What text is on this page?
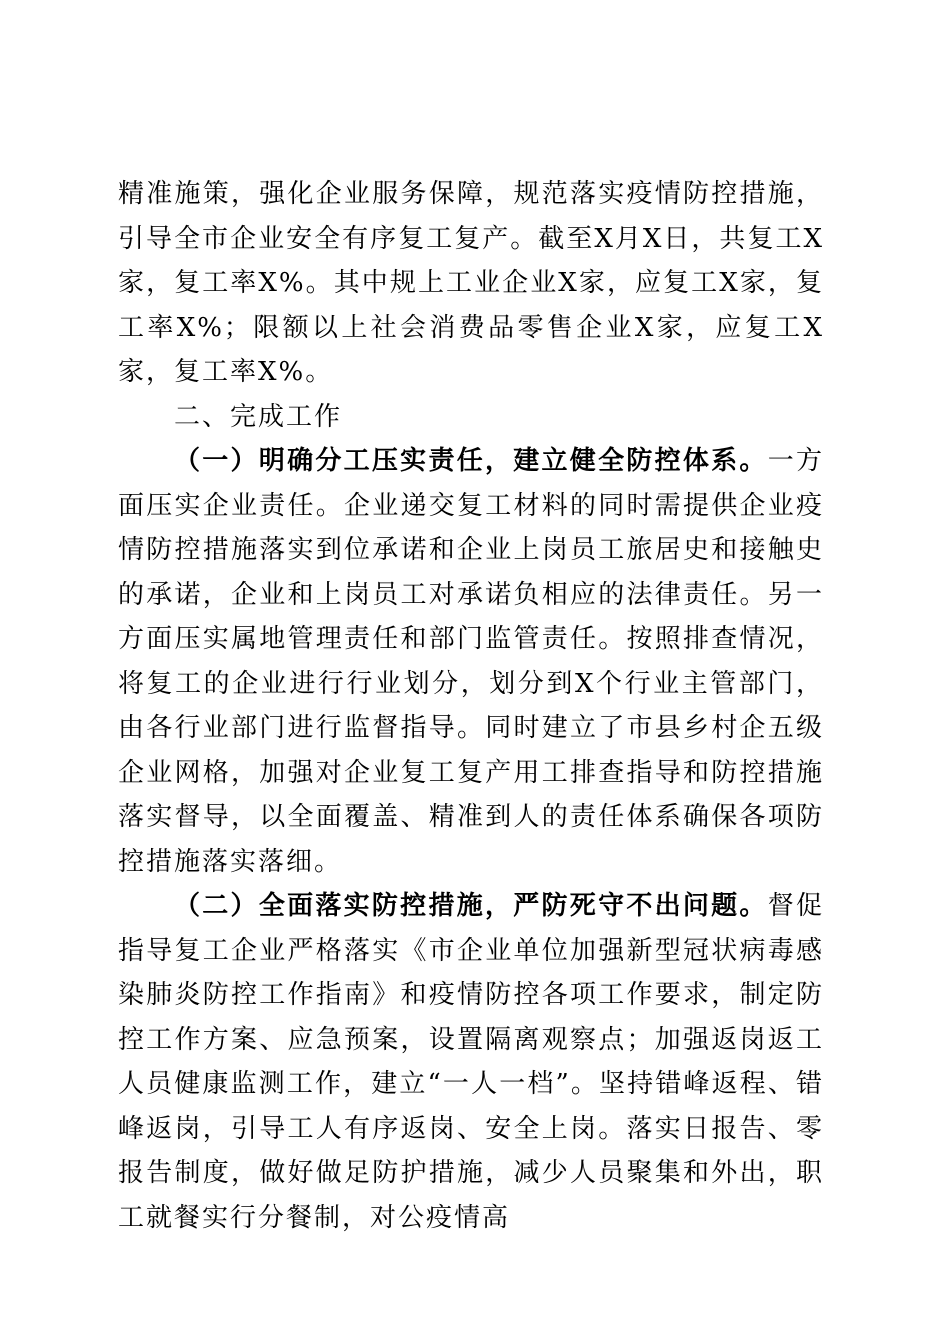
精准施策，强化企业服务保障，规范落实疫情防控措施，引导全市企业安全有序复工复产。截至X月X日，共复工X家，复工率X%。其中规上工业企业X家，应复工X家，复工率X%；限额以上社会消费品零售企业X家，应复工X家，复工率X%。

二、完成工作

（一）明确分工压实责任，建立健全防控体系。一方面压实企业责任。企业递交复工材料的同时需提供企业疫情防控措施落实到位承诺和企业上岗员工旅居史和接触史的承诺，企业和上岗员工对承诺负相应的法律责任。另一方面压实属地管理责任和部门监管责任。按照排查情况，将复工的企业进行行业划分，划分到X个行业主管部门，由各行业部门进行监督指导。同时建立了市县乡村企五级企业网格，加强对企业复工复产用工排查指导和防控措施落实督导，以全面覆盖、精准到人的责任体系确保各项防控措施落实落细。

（二）全面落实防控措施，严防死守不出问题。督促指导复工企业严格落实《市企业单位加强新型冠状病毒感染肺炎防控工作指南》和疫情防控各项工作要求，制定防控工作方案、应急预案，设置隔离观察点；加强返岗返工人员健康监测工作，建立“一人一档”。坚持错峰返程、错峰返岗，引导工人有序返岗、安全上岗。落实日报告、零报告制度，做好做足防护措施，减少人员聚集和外出，职工就餐实行分餐制，对公疫情高
